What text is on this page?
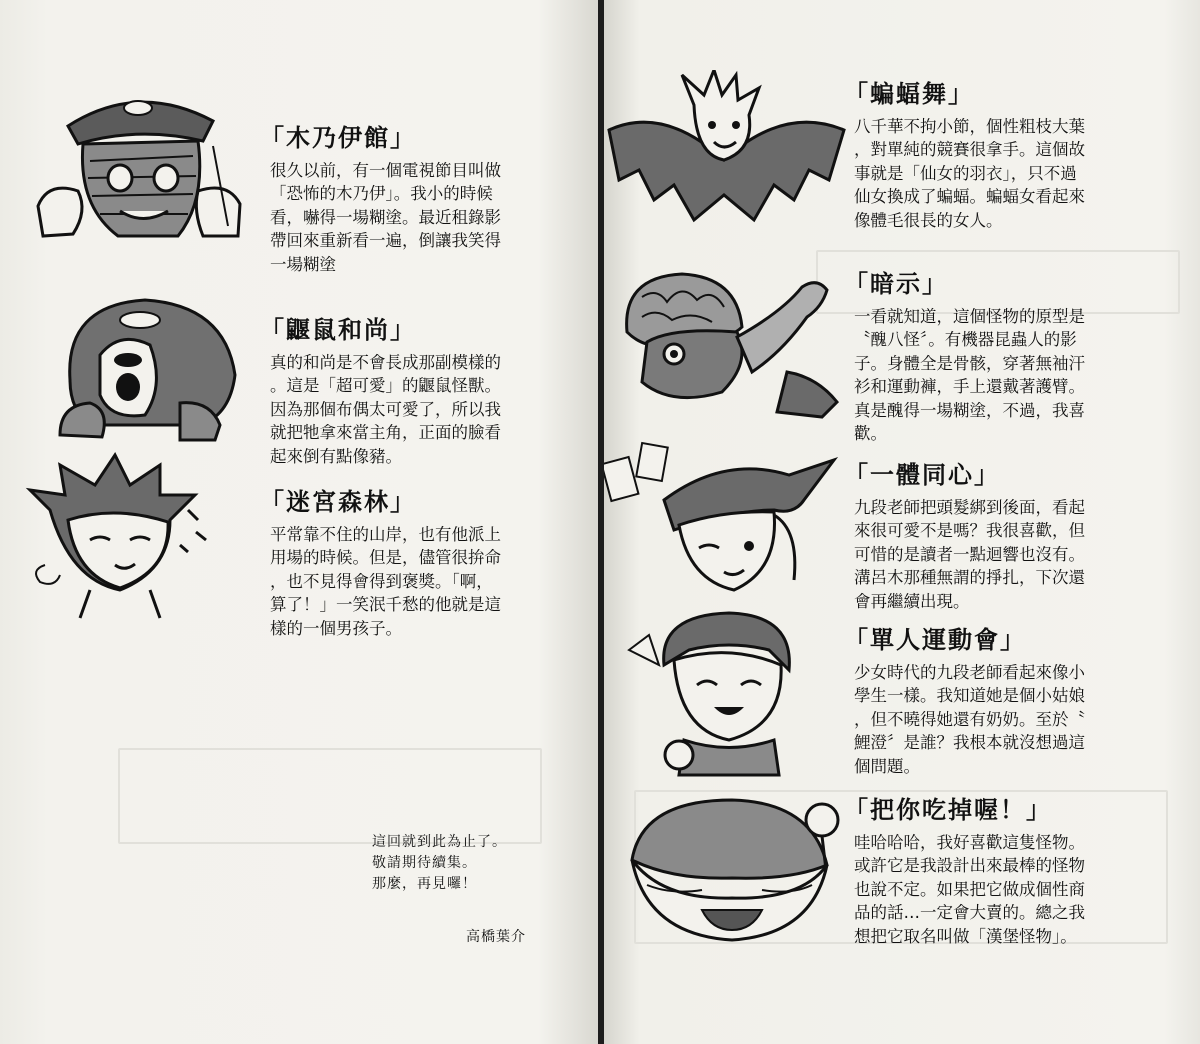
「木乃伊館」
很久以前，有一個電視節目叫做
「恐怖的木乃伊」。我小的時候
看，嚇得一場糊塗。最近租錄影
帶回來重新看一遍，倒讓我笑得
一場糊塗
「鼴鼠和尚」
真的和尚是不會長成那副模樣的
。這是「超可愛」的鼴鼠怪獸。
因為那個布偶太可愛了，所以我
就把牠拿來當主角，正面的臉看
起來倒有點像豬。
「迷宮森林」
平常靠不住的山岸，也有他派上
用場的時候。但是，儘管很拚命
，也不見得會得到褒獎。「啊，
算了！」一笑泯千愁的他就是這
樣的一個男孩子。
這回就到此為止了。
敬請期待續集。
那麼，再見囉！
高橋葉介
「蝙蝠舞」
八千華不拘小節，個性粗枝大葉
，對單純的競賽很拿手。這個故
事就是「仙女的羽衣」，只不過
仙女換成了蝙蝠。蝙蝠女看起來
像體毛很長的女人。
「暗示」
一看就知道，這個怪物的原型是
〝醜八怪〞。有機器昆蟲人的影
子。身體全是骨骸，穿著無袖汗
衫和運動褲，手上還戴著護臂。
真是醜得一場糊塗，不過，我喜
歡。
「一體同心」
九段老師把頭髮綁到後面，看起
來很可愛不是嗎？我很喜歡，但
可惜的是讀者一點迴響也沒有。
溝呂木那種無謂的掙扎，下次還
會再繼續出現。
「單人運動會」
少女時代的九段老師看起來像小
學生一樣。我知道她是個小姑娘
，但不曉得她還有奶奶。至於〝
鯉澄〞是誰？我根本就沒想過這
個問題。
「把你吃掉喔！」
哇哈哈哈，我好喜歡這隻怪物。
或許它是我設計出來最棒的怪物
也說不定。如果把它做成個性商
品的話…一定會大賣的。總之我
想把它取名叫做「漢堡怪物」。
